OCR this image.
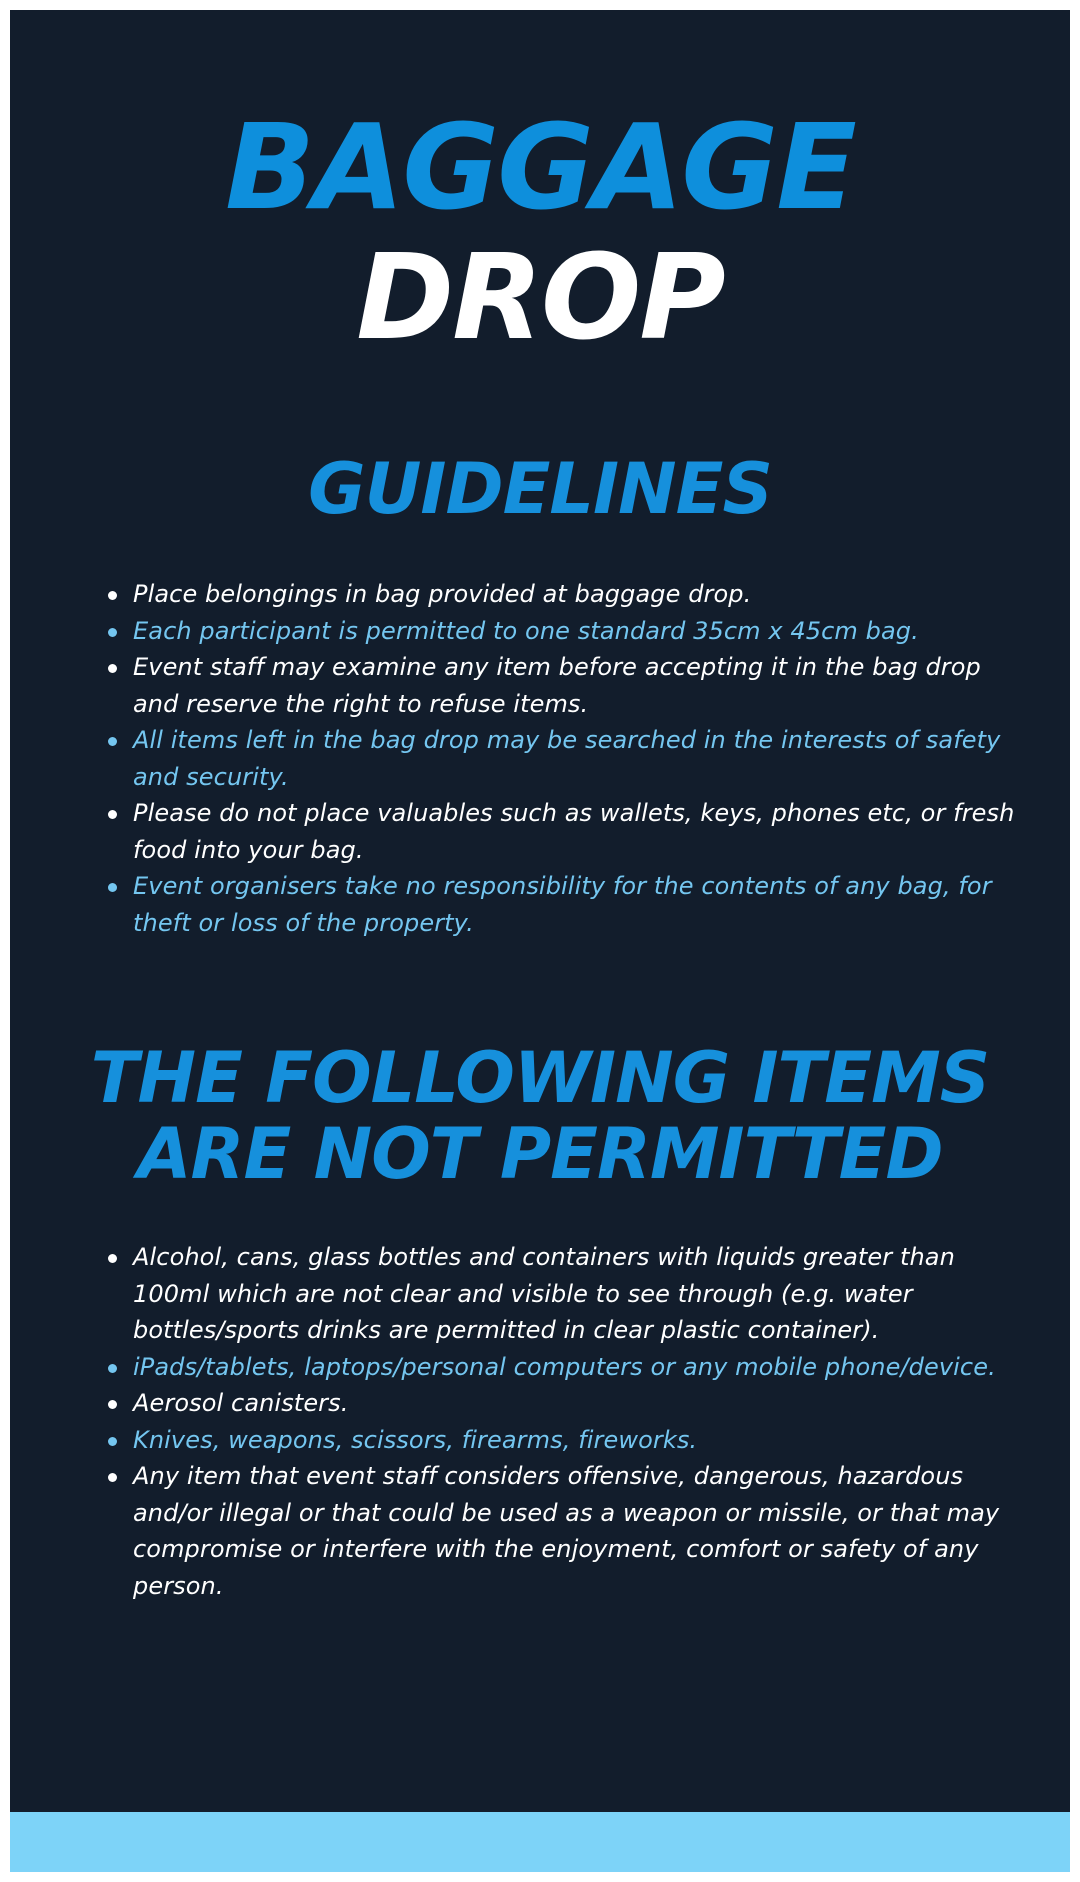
BAGGAGE
DROP
GUIDELINES
Place belongings in bag provided at baggage drop.
Each participant is permitted to one standard 35cm x 45cm bag.
Event staff may examine any item before accepting it in the bag drop and reserve the right to refuse items.
All items left in the bag drop may be searched in the interests of safety and security.
Please do not place valuables such as wallets, keys, phones etc, or fresh food into your bag.
Event organisers take no responsibility for the contents of any bag, for theft or loss of the property.
THE FOLLOWING ITEMS
ARE NOT PERMITTED
Alcohol, cans, glass bottles and containers with liquids greater than 100ml which are not clear and visible to see through (e.g. water bottles/sports drinks are permitted in clear plastic container).
iPads/tablets, laptops/personal computers or any mobile phone/device.
Aerosol canisters.
Knives, weapons, scissors, firearms, fireworks.
Any item that event staff considers offensive, dangerous, hazardous and/or illegal or that could be used as a weapon or missile, or that may compromise or interfere with the enjoyment, comfort or safety of any person.
